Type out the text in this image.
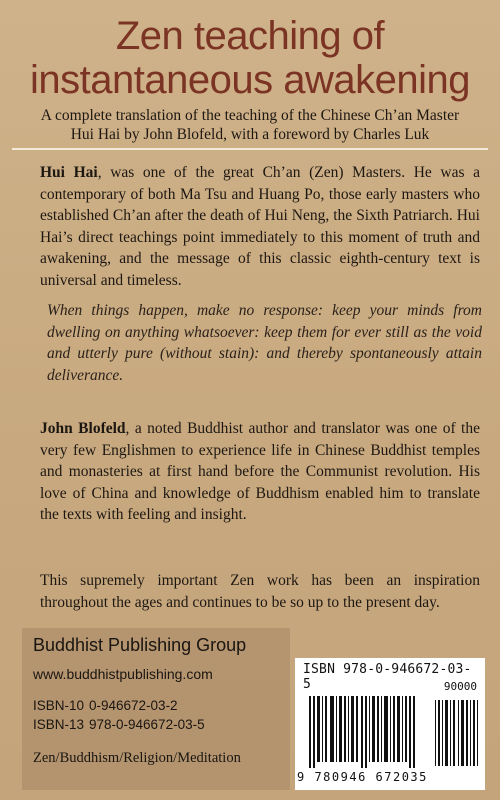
Zen teaching of
instantaneous awakening
A complete translation of the teaching of the Chinese Ch’an Master
Hui Hai by John Blofeld, with a foreword by Charles Luk
Hui Hai, was one of the great Ch’an (Zen) Masters. He was a contemporary of both Ma Tsu and Huang Po, those early masters who established Ch’an after the death of Hui Neng, the Sixth Patriarch. Hui Hai’s direct teachings point immediately to this moment of truth and awakening, and the message of this classic eighth-century text is universal and timeless.
When things happen, make no response: keep your minds from dwelling on anything whatsoever: keep them for ever still as the void and utterly pure (without stain): and thereby spontaneously attain deliverance.
John Blofeld, a noted Buddhist author and translator was one of the very few Englishmen to experience life in Chinese Buddhist temples and monasteries at first hand before the Communist revolution. His love of China and knowledge of Buddhism enabled him to translate the texts with feeling and insight.
This supremely important Zen work has been an inspiration throughout the ages and continues to be so up to the present day.
Buddhist Publishing Group
www.buddhistpublishing.com
ISBN-10 0-946672-03-2
ISBN-13 978-0-946672-03-5
Zen/Buddhism/Religion/Meditation
ISBN 978-0-946672-03-5	90000
9 780946 672035
